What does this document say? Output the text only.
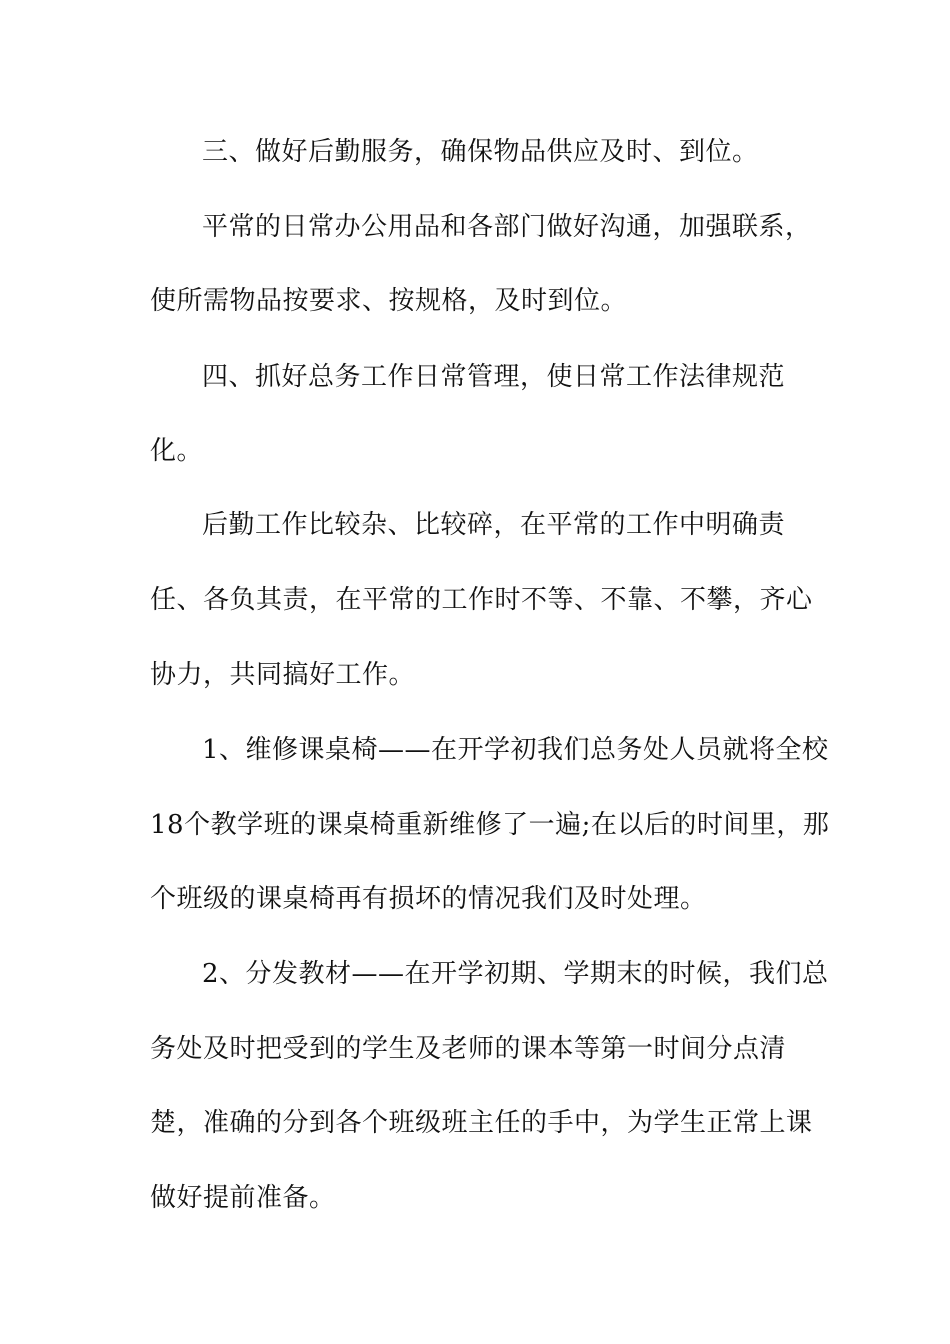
三、做好后勤服务，确保物品供应及时、到位。
平常的日常办公用品和各部门做好沟通，加强联系，
使所需物品按要求、按规格，及时到位。
四、抓好总务工作日常管理，使日常工作法律规范
化。
后勤工作比较杂、比较碎，在平常的工作中明确责
任、各负其责，在平常的工作时不等、不靠、不攀，齐心
协力，共同搞好工作。
1、维修课桌椅——在开学初我们总务处人员就将全校
18个教学班的课桌椅重新维修了一遍;在以后的时间里，那
个班级的课桌椅再有损坏的情况我们及时处理。
2、分发教材——在开学初期、学期末的时候，我们总
务处及时把受到的学生及老师的课本等第一时间分点清
楚，准确的分到各个班级班主任的手中，为学生正常上课
做好提前准备。
